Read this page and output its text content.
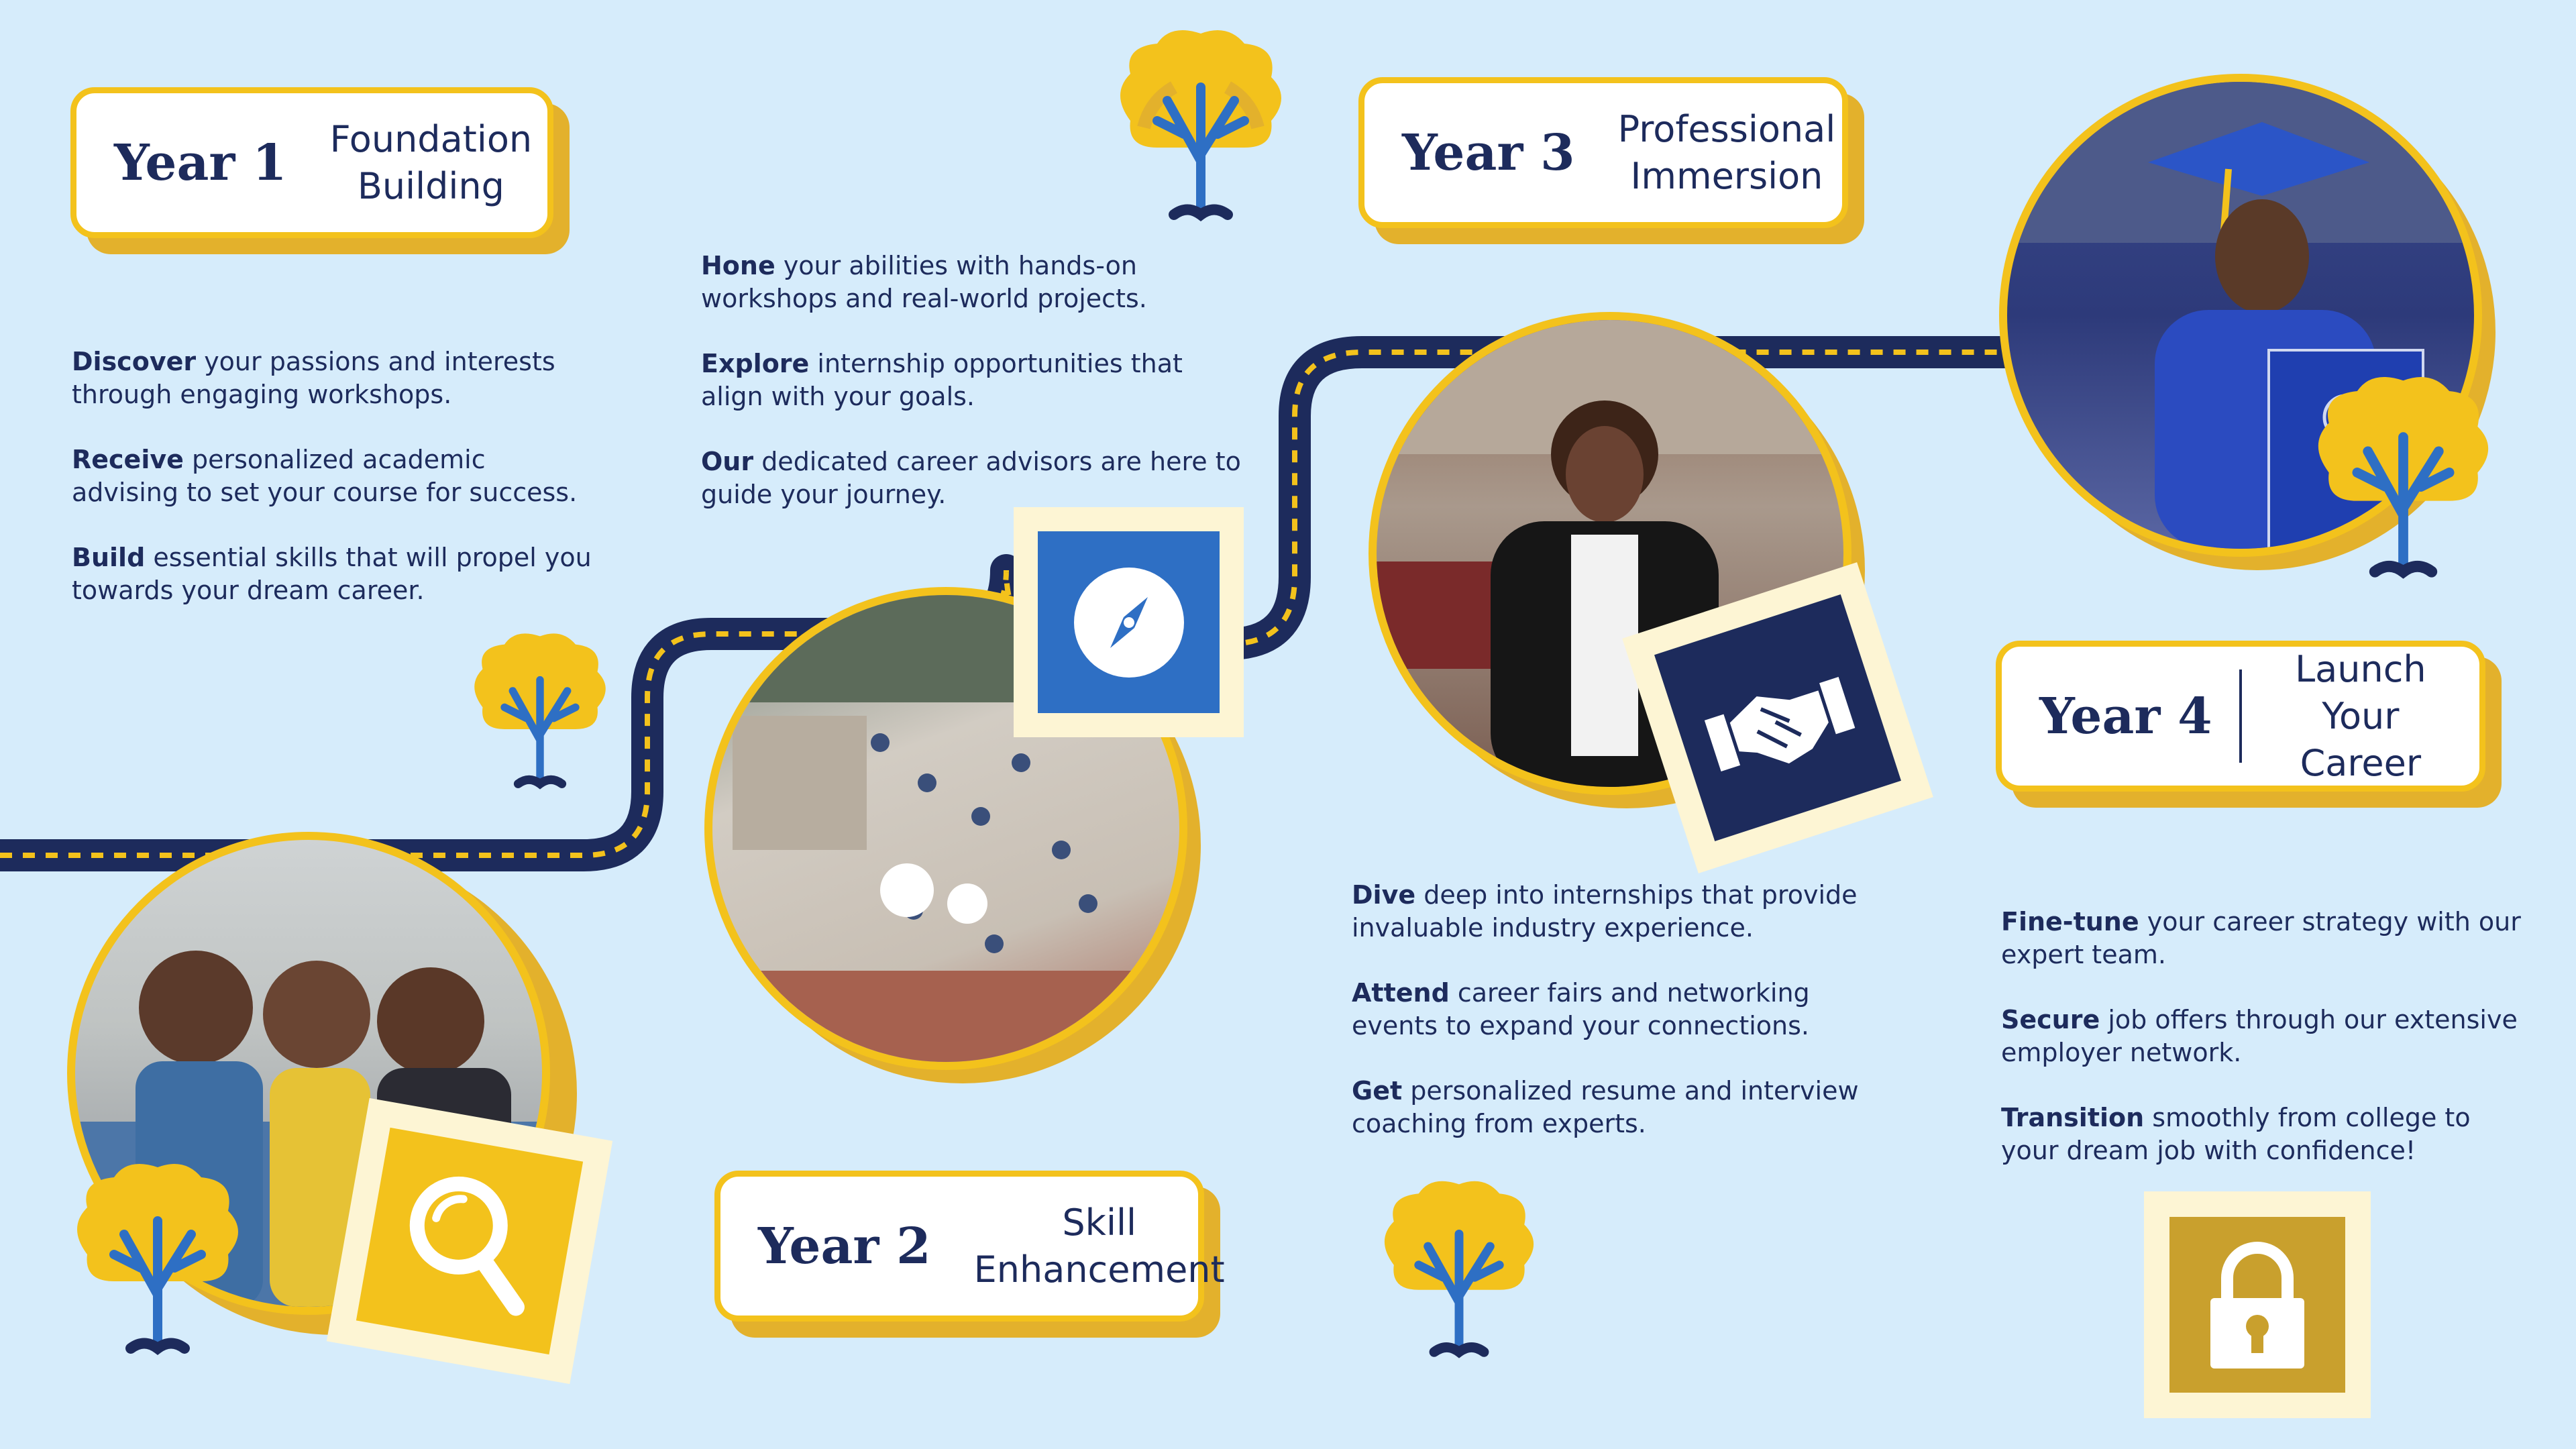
Year 1	Foundation
Building
Year 2	Skill
Enhancement
Year 3	Professional
Immersion
Year 4
Launch Your
Career

Discover your passions and interests through engaging workshops.

Receive personalized academic advising to set your course for success.

Build essential skills that will propel you towards your dream career.

Hone your abilities with hands-on workshops and real-world projects.

Explore internship opportunities that align with your goals.

Our dedicated career advisors are here to guide your journey.

Dive deep into internships that provide invaluable industry experience.

Attend career fairs and networking events to expand your connections.

Get personalized resume and interview coaching from experts.

Fine-tune your career strategy with our expert team.

Secure job offers through our extensive employer network.

Transition smoothly from college to your dream job with confidence!
